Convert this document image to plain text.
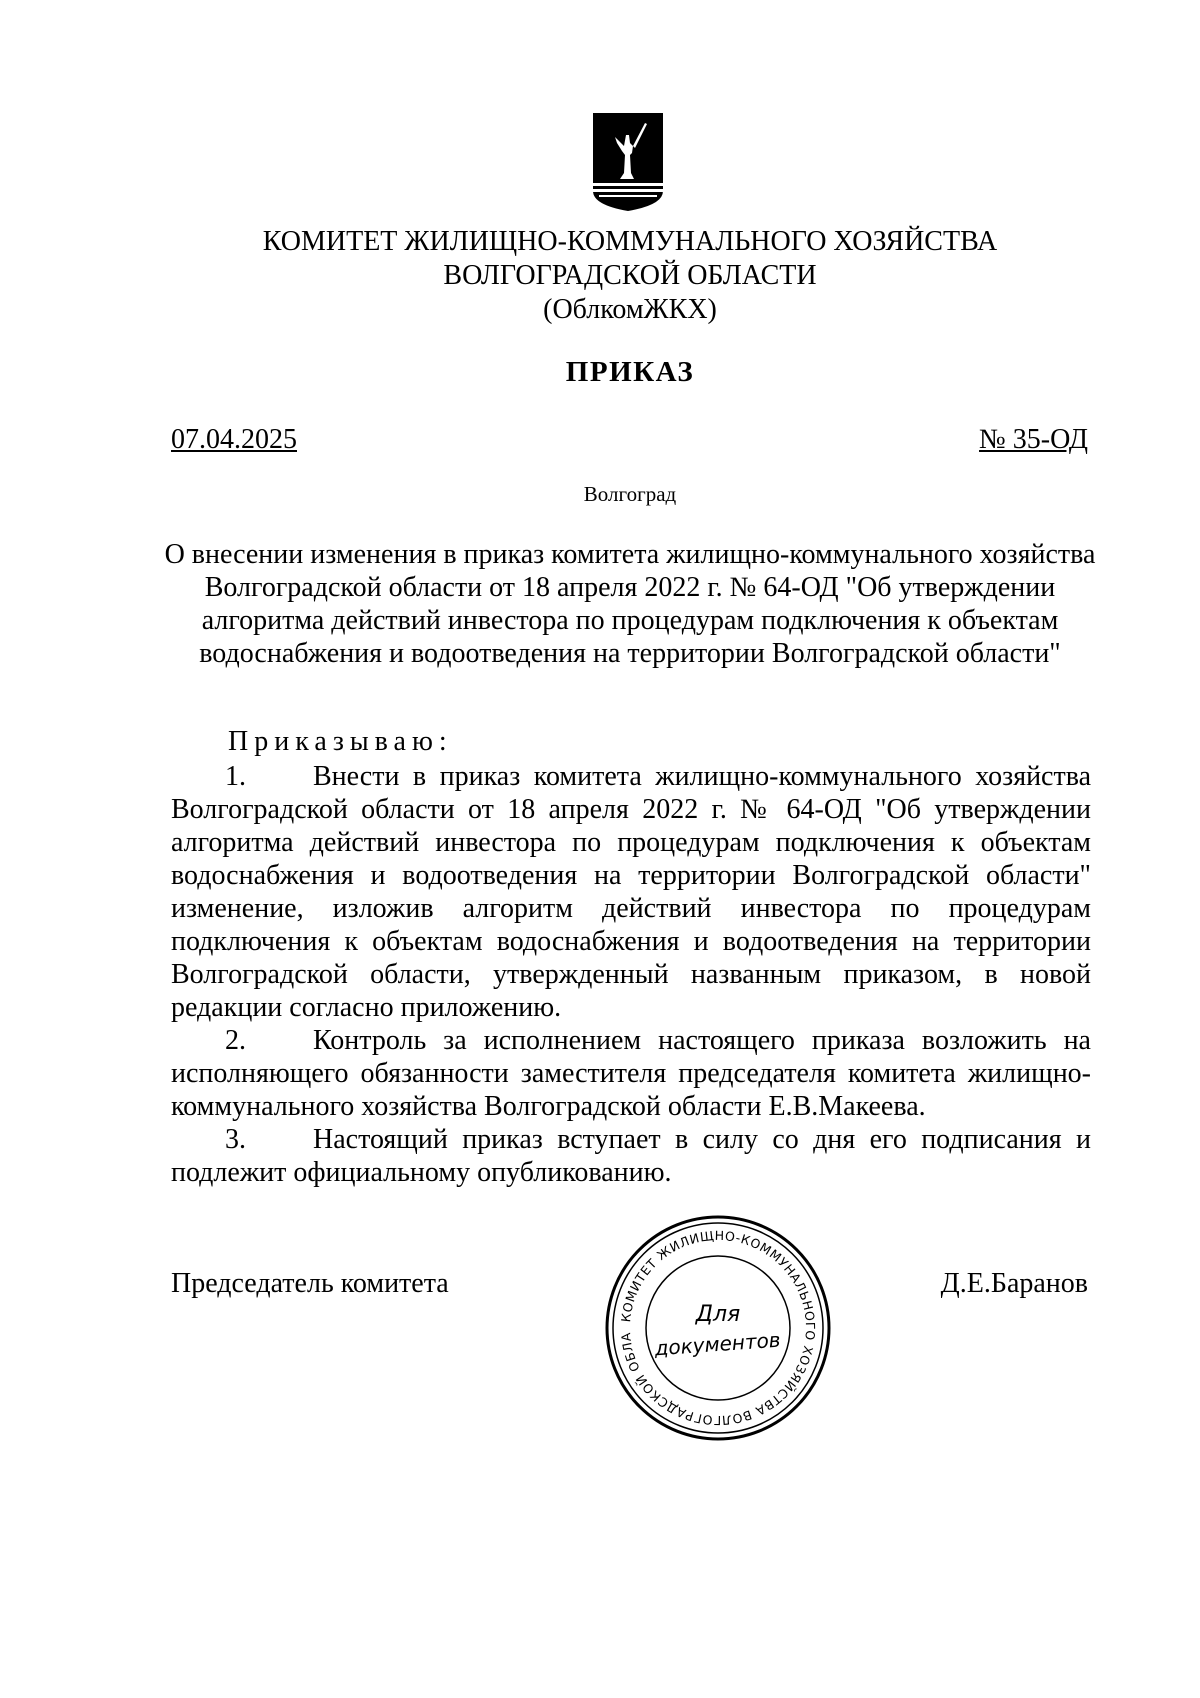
КОМИТЕТ ЖИЛИЩНО-КОММУНАЛЬНОГО ХОЗЯЙСТВА
ВОЛГОГРАДСКОЙ ОБЛАСТИ
(ОблкомЖКХ)
ПРИКАЗ
07.04.2025	№ 35-ОД
Волгоград
О внесении изменения в приказ комитета жилищно-коммунального хозяйства Волгоградской области от 18 апреля 2022 г. № 64-ОД "Об утверждении алгоритма действий инвестора по процедурам подключения к объектам водоснабжения и водоотведения на территории Волгоградской области"
Приказываю:

1. Внести в приказ комитета жилищно-коммунального хозяйства Волгоградской области от 18 апреля 2022 г. № 64-ОД "Об утверждении алгоритма действий инвестора по процедурам подключения к объектам водоснабжения и водоотведения на территории Волгоградской области" изменение, изложив алгоритм действий инвестора по процедурам подключения к объектам водоснабжения и водоотведения на территории Волгоградской области, утвержденный названным приказом, в новой редакции согласно приложению.

2. Контроль за исполнением настоящего приказа возложить на исполняющего обязанности заместителя председателя комитета жилищно-коммунального хозяйства Волгоградской области Е.В.Макеева.

3. Настоящий приказ вступает в силу со дня его подписания и подлежит официальному опубликованию.

Председатель комитета	Д.Е.Баранов
КОМИТЕТ ЖИЛИЩНО-КОММУНАЛЬНОГО ХОЗЯЙСТВА ВОЛГОГРАДСКОЙ ОБЛА
Для
документов
